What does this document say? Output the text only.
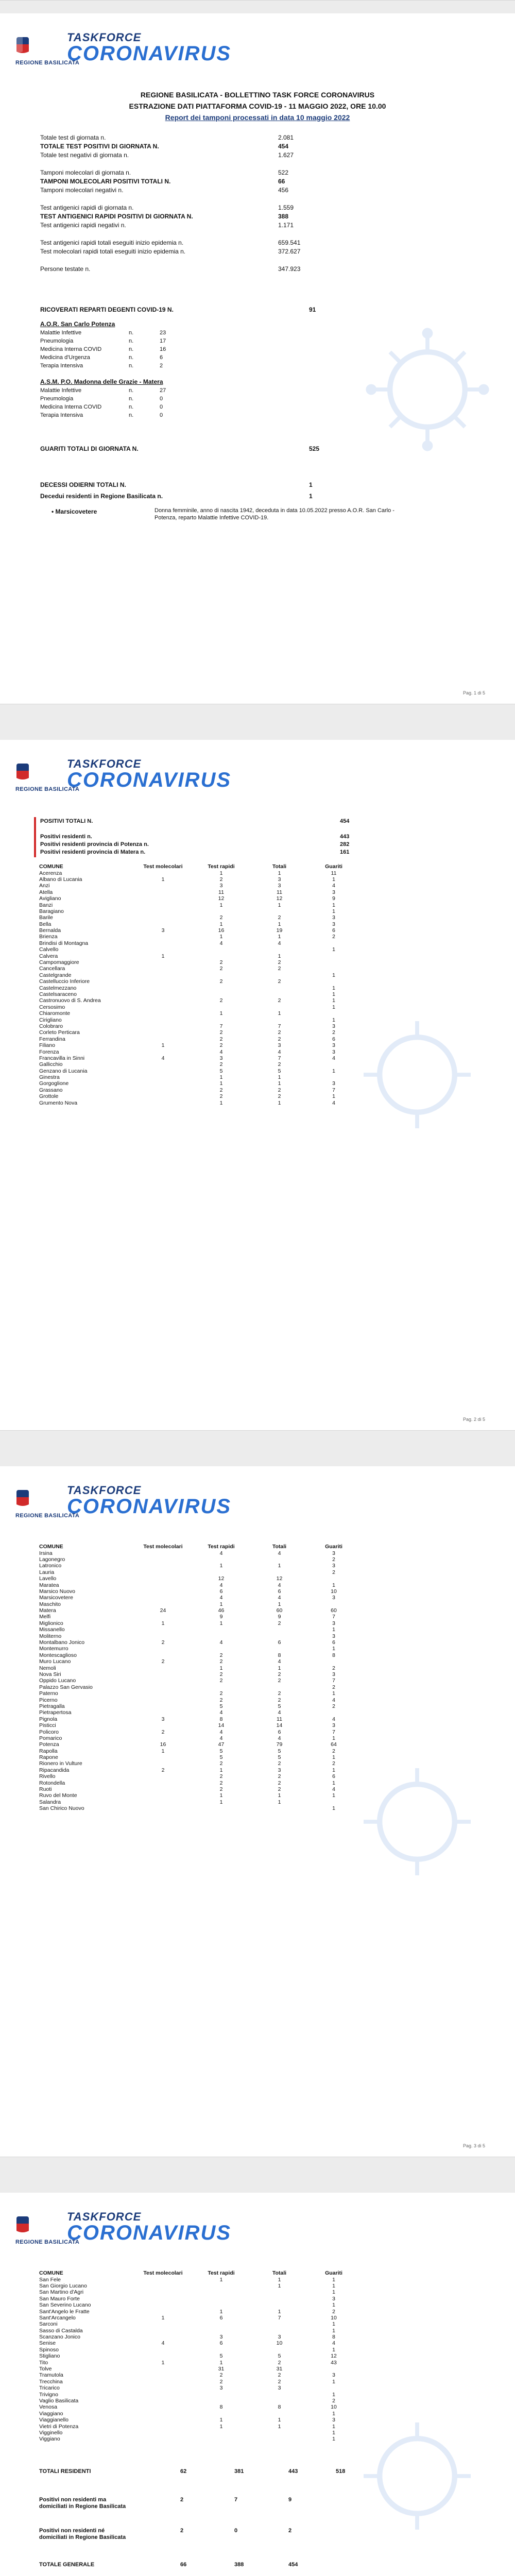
REGIONE BASILICATA
TASKFORCE
CORONAVIRUS
REGIONE BASILICATA - BOLLETTINO TASK FORCE CORONAVIRUS
ESTRAZIONE DATI PIATTAFORMA COVID-19 - 11 MAGGIO 2022, ORE 10.00
Report dei tamponi processati in data 10 maggio 2022
Totale test di giornata n.	2.081
TOTALE TEST POSITIVI DI GIORNATA N.	454
Totale test negativi di giornata n.	1.627
Tamponi molecolari di giornata n.	522
TAMPONI MOLECOLARI POSITIVI TOTALI N.	66
Tamponi molecolari negativi n.	456
Test antigenici rapidi di giornata n.	1.559
TEST ANTIGENICI RAPIDI POSITIVI DI GIORNATA N.	388
Test antigenici rapidi negativi n.	1.171
Test antigenici rapidi totali eseguiti inizio epidemia n.	659.541
Test molecolari rapidi totali eseguiti inizio epidemia n.	372.627
Persone testate n.	347.923
RICOVERATI REPARTI DEGENTI COVID-19 N.	91
A.O.R. San Carlo Potenza
Malattie Infettive	n.	23
Pneumologia	n.	17
Medicina Interna COVID	n.	16
Medicina d'Urgenza	n.	6
Terapia Intensiva	n.	2
A.S.M. P.O. Madonna delle Grazie - Matera
Malattie Infettive	n.	27
Pneumologia	n.	0
Medicina Interna COVID	n.	0
Terapia Intensiva	n.	0
GUARITI TOTALI DI GIORNATA N.	525
DECESSI ODIERNI TOTALI N.	1
Decedui residenti in Regione Basilicata n.	1
• Marsicovetere	Donna femminile, anno di nascita 1942, deceduta in data 10.05.2022 presso A.O.R. San Carlo - Potenza, reparto Malattie Infettive COVID-19.
Pag. 1 di 5
REGIONE BASILICATA
TASKFORCE
CORONAVIRUS
POSITIVI TOTALI N.	454
Positivi residenti n.	443
Positivi residenti provincia di Potenza n.	282
Positivi residenti provincia di Matera n.	161
COMUNE	Test molecolari	Test rapidi	Totali	Guariti
Acerenza		1	1	11
Albano di Lucania	1	2	3	1
Anzi		3	3	4
Atella		11	11	3
Avigliano		12	12	9
Banzi		1	1	1
Baragiano				1
Barile		2	2	3
Bella		1	1	3
Bernalda	3	16	19	6
Brienza		1	1	2
Brindisi di Montagna		4	4	
Calvello				1
Calvera	1		1	
Campomaggiore		2	2	
Cancellara		2	2	
Castelgrande				1
Castelluccio Inferiore		2	2	
Castelmezzano				1
Castelsaraceno				1
Castronuovo di S. Andrea		2	2	1
Cersosimo				1
Chiaromonte		1	1	
Cirigliano				1
Colobraro		7	7	3
Corleto Perticara		2	2	2
Ferrandina		2	2	6
Filiano	1	2	3	3
Forenza		4	4	3
Francavilla in Sinni	4	3	7	4
Gallicchio		2	2	
Genzano di Lucania		5	5	1
Ginestra		1	1	
Gorgoglione		1	1	3
Grassano		2	2	7
Grottole		2	2	1
Grumento Nova		1	1	4
Pag. 2 di 5
REGIONE BASILICATA
TASKFORCE
CORONAVIRUS
COMUNE	Test molecolari	Test rapidi	Totali	Guariti
Irsina		4	4	3
Lagonegro				2
Latronico		1	1	3
Lauria				2
Lavello		12	12	
Maratea		4	4	1
Marsico Nuovo		6	6	10
Marsicovetere		4	4	3
Maschito		1	1	
Matera	24	46	60	60
Melfi		9	9	7
Miglionico	1	1	2	3
Missanello				1
Moliterno				3
Montalbano Jonico	2	4	6	6
Montemurro				1
Montescaglioso		2	8	8
Muro Lucano	2	2	4	
Nemoli		1	1	2
Nova Siri		2	2	3
Oppido Lucano		2	2	7
Palazzo San Gervasio				2
Paterno		2	2	1
Picerno		2	2	4
Pietragalla		5	5	2
Pietrapertosa		4	4	
Pignola	3	8	11	4
Pisticci		14	14	3
Policoro	2	4	6	7
Pomarico		4	4	1
Potenza	16	47	79	64
Rapolla	1	5	5	2
Rapone		5	5	1
Rionero in Vulture		2	2	2
Ripacandida	2	1	3	1
Rivello		2	2	6
Rotondella		2	2	1
Ruoti		2	2	4
Ruvo del Monte		1	1	1
Salandra		1	1	
San Chirico Nuovo				1
Pag. 3 di 5
REGIONE BASILICATA
TASKFORCE
CORONAVIRUS
COMUNE	Test molecolari	Test rapidi	Totali	Guariti
San Fele		1	1	1
San Giorgio Lucano			1	1
San Martino d'Agri				1
San Mauro Forte				3
San Severino Lucano				1
Sant'Angelo le Fratte		1	1	2
Sant'Arcangelo	1	6	7	10
Sarconi				1
Sasso di Castalda				1
Scanzano Jonico		3	3	8
Senise	4	6	10	4
Spinoso				1
Stigliano		5	5	12
Tito	1	1	2	43
Tolve		31	31	
Tramutola		2	2	3
Trecchina		2	2	1
Tricarico		3	3	
Trivigno				1
Vaglio Basilicata				2
Venosa		8	8	10
Viaggiano				1
Viaggianello		1	1	3
Vietri di Potenza		1	1	1
Vigginello				1
Viggiano				1
TOTALI RESIDENTI	62	381	443	518
Positivi non residenti ma domiciliati in Regione Basilicata
2	7	9
Positivi non residenti né domiciliati in Regione Basilicata
2	0	2
TOTALE GENERALE	66	388	454
